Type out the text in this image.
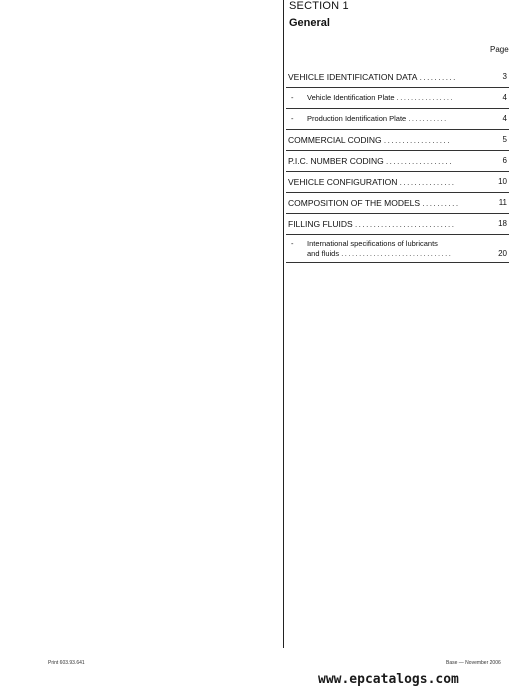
SECTION 1
General
Page
VEHICLE IDENTIFICATION DATA ..........	3
- Vehicle Identification Plate ................	4
- Production Identification Plate ...........	4
COMMERCIAL CODING ..................	5
P.I.C. NUMBER CODING ..................	6
VEHICLE CONFIGURATION ...............	10
COMPOSITION OF THE MODELS ..........	11
FILLING FLUIDS ...........................	18
- International specifications of lubricants
and fluids ...............................	20
Print 603.93.641	Base — November 2006
www.epcatalogs.com
